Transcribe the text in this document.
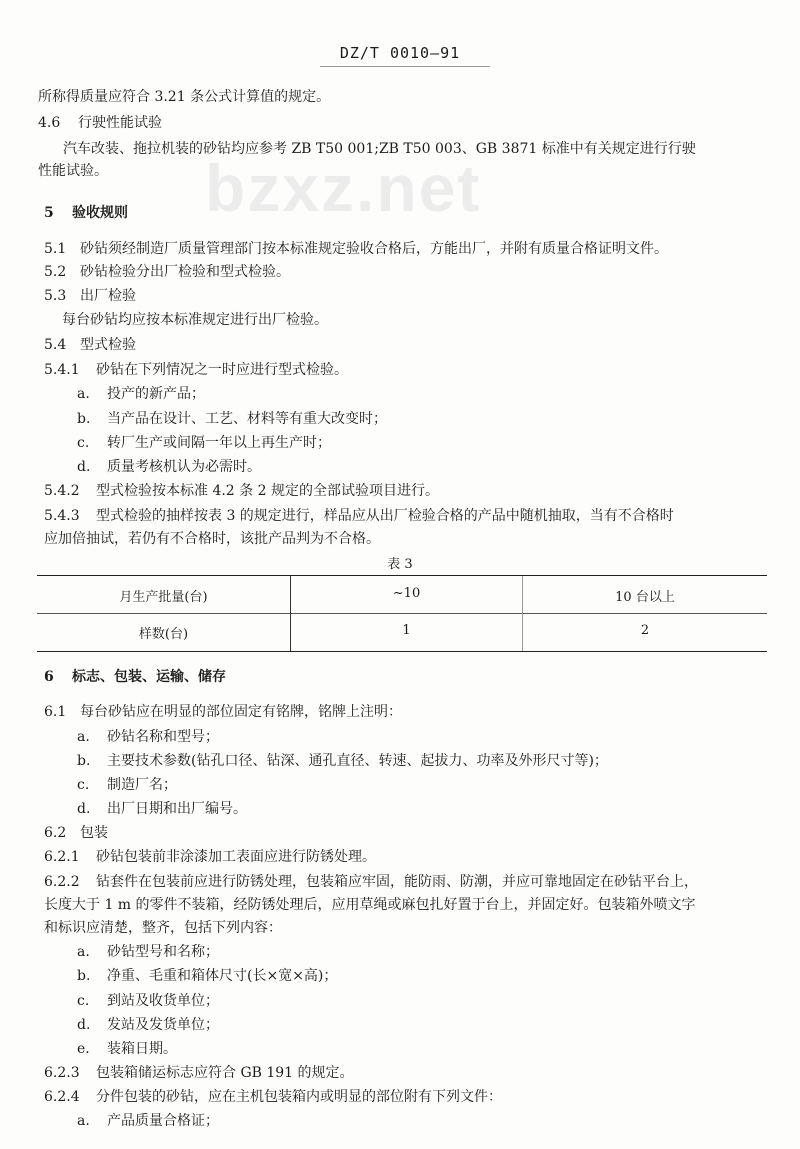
DZ/T 0010—91
bzxz.net
所称得质量应符合 3.21 条公式计算值的规定。
4.6 行驶性能试验
汽车改装、拖拉机装的砂钻均应参考 ZB T50 001;ZB T50 003、GB 3871 标准中有关规定进行行驶
性能试验。
5 验收规则
5.1 砂钻须经制造厂质量管理部门按本标准规定验收合格后，方能出厂，并附有质量合格证明文件。
5.2 砂钻检验分出厂检验和型式检验。
5.3 出厂检验
每台砂钻均应按本标准规定进行出厂检验。
5.4 型式检验
5.4.1 砂钻在下列情况之一时应进行型式检验。
a. 投产的新产品；
b. 当产品在设计、工艺、材料等有重大改变时；
c. 转厂生产或间隔一年以上再生产时；
d. 质量考核机认为必需时。
5.4.2 型式检验按本标准 4.2 条 2 规定的全部试验项目进行。
5.4.3 型式检验的抽样按表 3 的规定进行，样品应从出厂检验合格的产品中随机抽取，当有不合格时
应加倍抽试，若仍有不合格时，该批产品判为不合格。
表 3
月生产批量(台)	~10	10 台以上
样数(台)	1	2
6 标志、包装、运输、储存
6.1 每台砂钻应在明显的部位固定有铭牌，铭牌上注明：
a. 砂钻名称和型号；
b. 主要技术参数(钻孔口径、钻深、通孔直径、转速、起拔力、功率及外形尺寸等)；
c. 制造厂名；
d. 出厂日期和出厂编号。
6.2 包装
6.2.1 砂钻包装前非涂漆加工表面应进行防锈处理。
6.2.2 钻套件在包装前应进行防锈处理，包装箱应牢固，能防雨、防潮，并应可靠地固定在砂钻平台上，
长度大于 1 m 的零件不装箱，经防锈处理后，应用草绳或麻包扎好置于台上，并固定好。包装箱外喷文字
和标识应清楚，整齐，包括下列内容：
a. 砂钻型号和名称；
b. 净重、毛重和箱体尺寸(长×宽×高)；
c. 到站及收货单位；
d. 发站及发货单位；
e. 装箱日期。
6.2.3 包装箱储运标志应符合 GB 191 的规定。
6.2.4 分件包装的砂钻，应在主机包装箱内或明显的部位附有下列文件：
a. 产品质量合格证；
